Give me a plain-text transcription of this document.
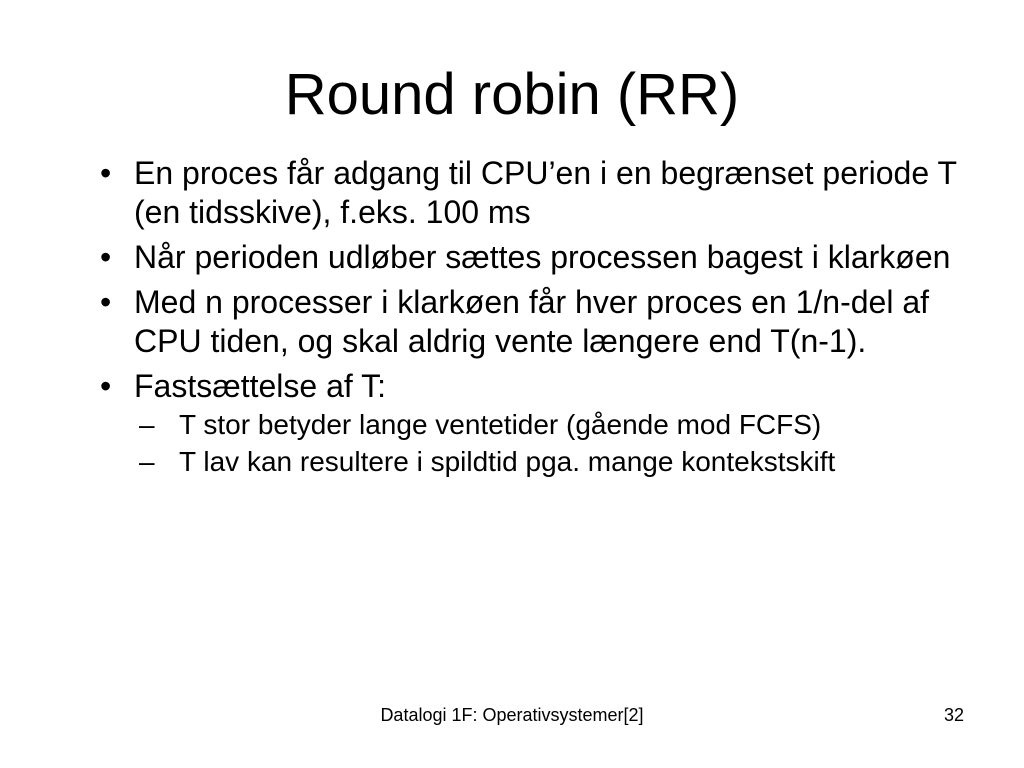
Round robin (RR)
• En proces får adgang til CPU’en i en begrænset periode T (en tidsskive), f.eks. 100 ms
• Når perioden udløber sættes processen bagest i klarkøen
• Med n processer i klarkøen får hver proces en 1/n-del af CPU tiden, og skal aldrig vente længere end T(n-1).
• Fastsættelse af T:
– T stor betyder lange ventetider (gående mod FCFS)
– T lav kan resultere i spildtid pga. mange kontekstskift
Datalogi 1F: Operativsystemer[2]	32
